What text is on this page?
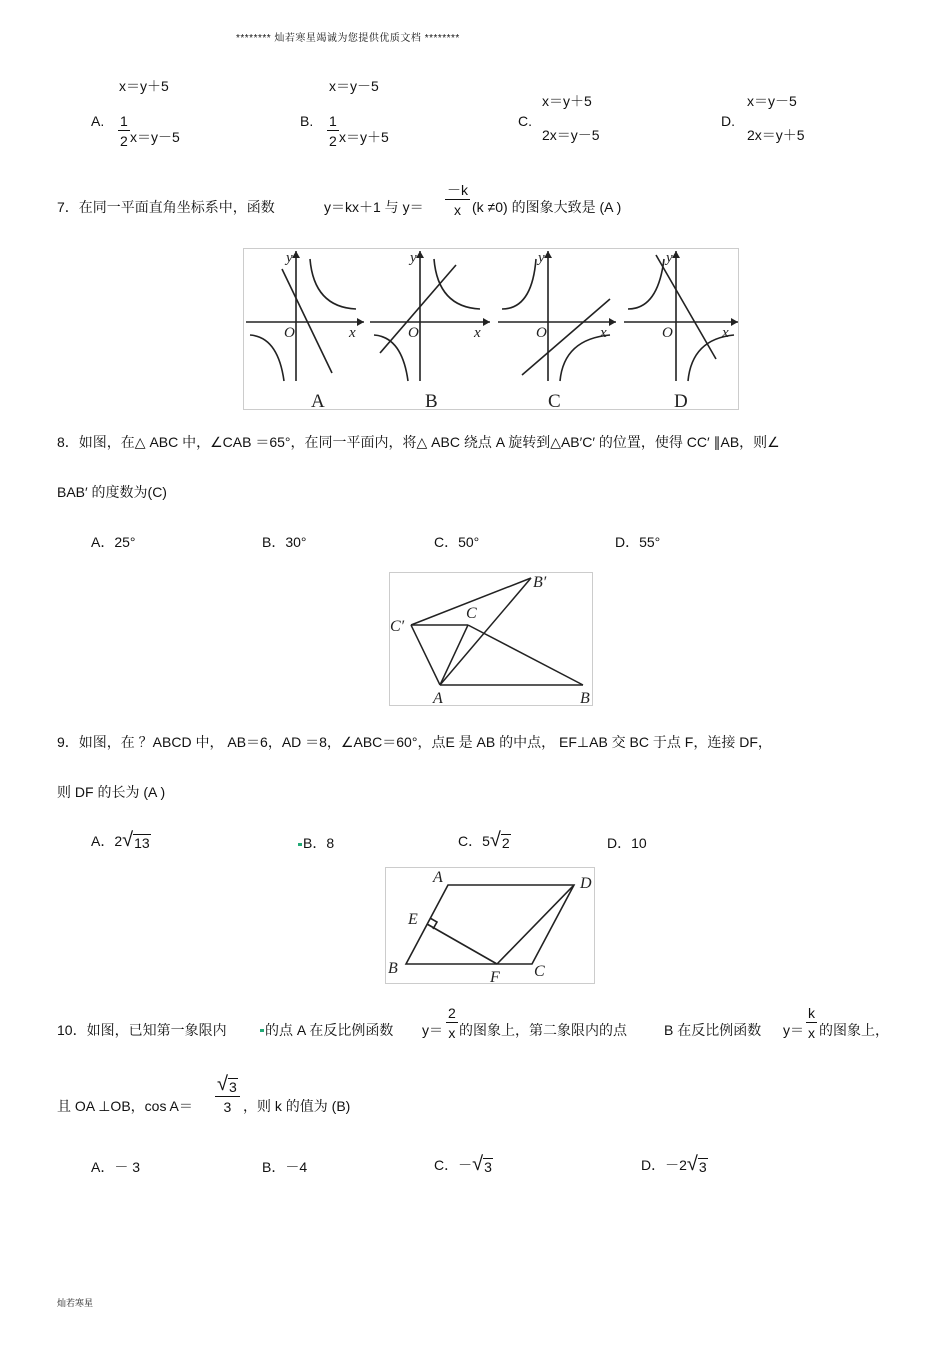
******** 灿若寒星竭诚为您提供优质文档 ********
x＝y＋5
A. $\frac{1}{2} x=y-5$
x＝y－5
B. $\frac{1}{2} x=y+5$
x＝y＋5
C.
2x＝y－5
x＝y－5
D.
2x＝y＋5
7．在同一平面直角坐标系中，函数	y＝kx＋1 与 $y= \frac{-k}{x} (k \ne 0)$ 的图象大致是 (A )
y
x
O
y
x
O
y
x
O
y
x
O
A	B	C	D
8．如图，在△ ABC 中，∠CAB ＝65°，在同一平面内，将△ ABC 绕点 A 旋转到△AB′C′ 的位置，使得 CC′ ∥AB，则∠
BAB′ 的度数为(C)
A．25°	B．30°	C．50°	D．55°
B′
C
C′
A	B
9．如图，在 ？ABCD 中， AB＝6，AD ＝8，∠ABC＝60°，点E 是 AB 的中点， EF⊥AB 交 BC 于点 F，连接 DF，
则 DF 的长为 (A )
A．2 √ 13	B．8	C．5 √ 2	D．10
A	D
E
B
F C
10．如图，已知第一象限内	的点 A 在反比例函数 $y= \frac{2}{x}$ 的图象上，第二象限内的点	B 在反比例函数 $y= \frac{k}{x}$ 的图象上，
且 OA ⊥OB，$\cos A= \frac{√ 3}{3}$ ，则 k 的值为 (B)
A．－ 3	B．－4	C．－ √ 3	D．－2 √ 3
灿若寒星
